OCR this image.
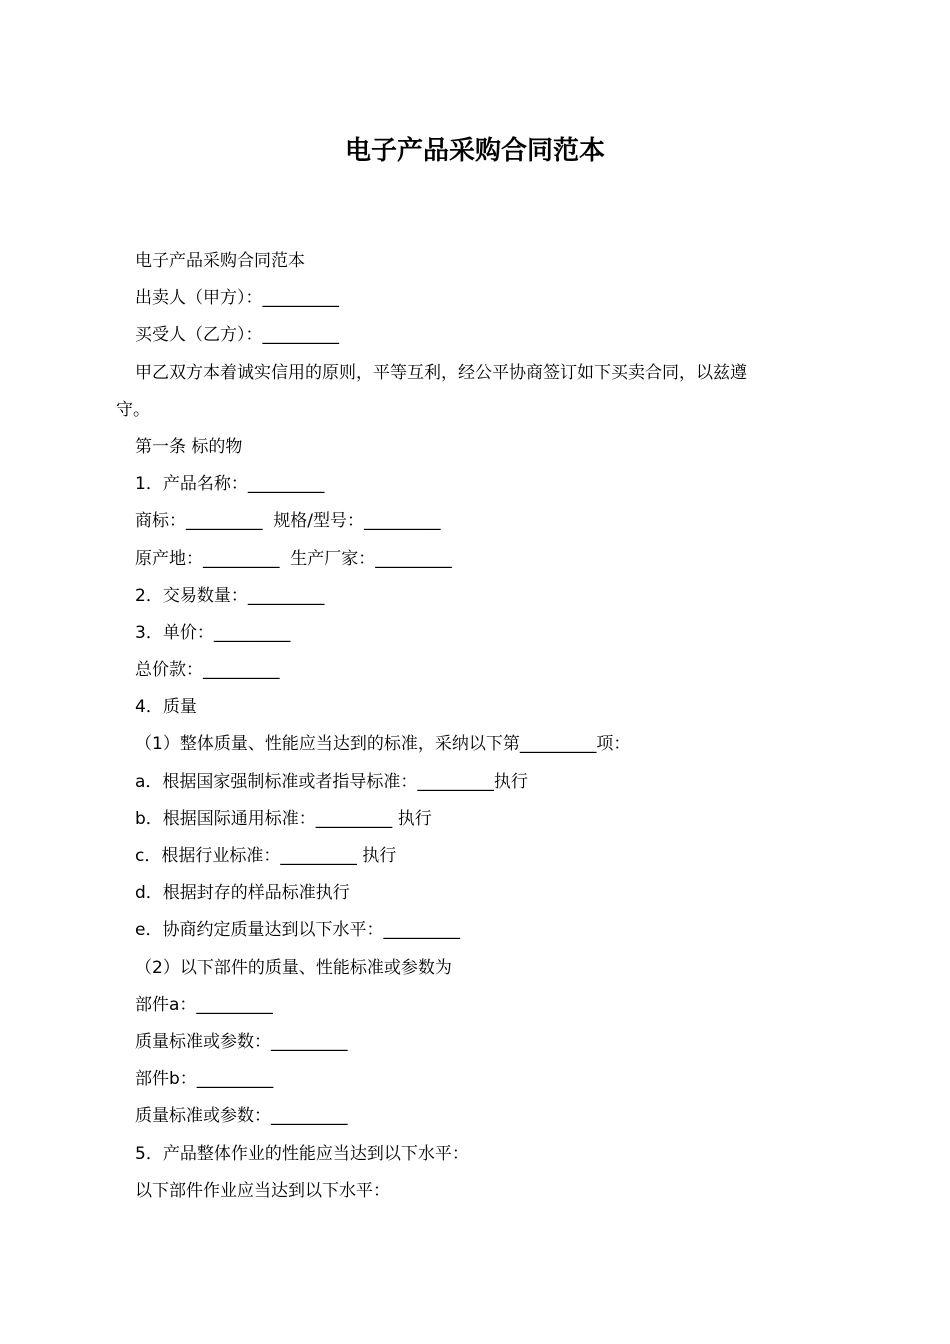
电子产品采购合同范本
电子产品采购合同范本
出卖人（甲方）：_________
买受人（乙方）：_________
甲乙双方本着诚实信用的原则，平等互利，经公平协商签订如下买卖合同，以兹遵
守。
第一条 标的物
1．产品名称：_________
商标：_________  规格/型号：_________
原产地：_________  生产厂家：_________
2．交易数量：_________
3．单价：_________
总价款：_________
4．质量
（1）整体质量、性能应当达到的标准，采纳以下第_________项：
a．根据国家强制标准或者指导标准：_________执行
b．根据国际通用标准：_________ 执行
c．根据行业标准：_________ 执行
d．根据封存的样品标准执行
e．协商约定质量达到以下水平：_________
（2）以下部件的质量、性能标准或参数为
部件a：_________
质量标准或参数：_________
部件b：_________
质量标准或参数：_________
5．产品整体作业的性能应当达到以下水平：
以下部件作业应当达到以下水平：
